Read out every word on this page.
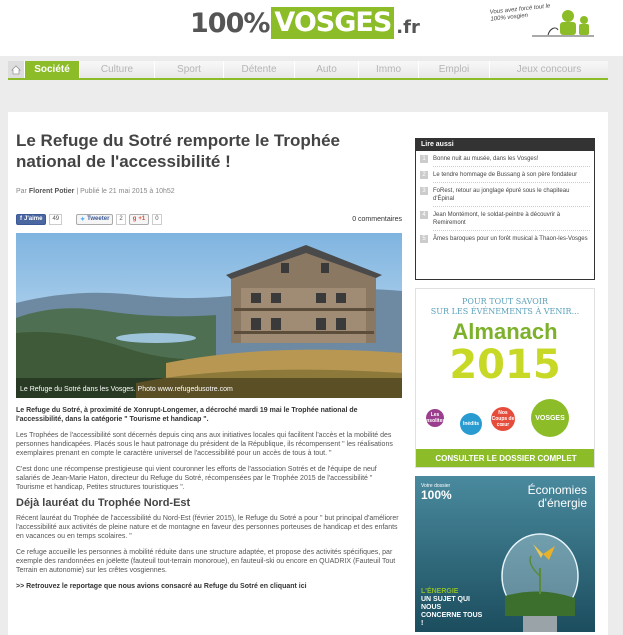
100% VOSGES .fr
Vous avez forcé tout le 100% vosgien
Société	Culture	Sport	Détente	Auto	Immo	Emploi	Jeux concours
Le Refuge du Sotré remporte le Trophée national de l'accessibilité !
Par Florent Potier | Publié le 21 mai 2015 à 10h52
f J'aime	49	✦ Tweeter	2	g +1	0	0 commentaires
Le Refuge du Sotré dans les Vosges. Photo www.refugedusotre.com

Le Refuge du Sotré, à proximité de Xonrupt-Longemer, a décroché mardi 19 mai le Trophée national de l'accessibilité, dans la catégorie " Tourisme et handicap ".

Les Trophées de l'accessibilité sont décernés depuis cinq ans aux initiatives locales qui facilitent l'accès et la mobilité des personnes handicapées. Placés sous le haut patronage du président de la République, ils récompensent " les réalisations exemplaires prenant en compte le caractère universel de l'accessibilité pour un accès de tous à tout. "

C'est donc une récompense prestigieuse qui vient couronner les efforts de l'association Sotrés et de l'équipe de neuf salariés de Jean-Marie Haton, directeur du Refuge du Sotré, récompensées par le Trophée 2015 de l'accessibilité " Tourisme et handicap, Petites structures touristiques ".

Déjà lauréat du Trophée Nord-Est

Récent lauréat du Trophée de l'accessibilité du Nord-Est (février 2015), le Refuge du Sotré a pour " but principal d'améliorer l'accessibilité aux activités de pleine nature et de montagne en faveur des personnes porteuses de handicap et des enfants en vacances ou en temps scolaires. "

Ce refuge accueille les personnes à mobilité réduite dans une structure adaptée, et propose des activités spécifiques, par exemple des randonnées en joëlette (fauteuil tout-terrain monoroue), en fauteuil-ski ou encore en QUADRIX (Fauteuil Tout Terrain en autonomie) sur les crêtes vosgiennes.

>> Retrouvez le reportage que nous avions consacré au Refuge du Sotré en cliquant ici

Lire aussi
1	Bonne nuit au musée, dans les Vosges!
2	Le tendre hommage de Bussang à son père fondateur
3	FoRest, retour au jonglage épuré sous le chapiteau d'Épinal
4	Jean Montémont, le soldat-peintre à découvrir à Remiremont
5	Âmes baroques pour un forêt musical à Thaon-les-Vosges
POUR TOUT SAVOIR
SUR LES ÉVÉNEMENTS À VENIR...
Almanach
2015
Les insolites	Inédits
Nos Coups de cœur
VOSGES
CONSULTER LE DOSSIER COMPLET
Votre dossier
100%	Économies
d'énergie
L'ÉNERGIE
UN SUJET QUI NOUS CONCERNE TOUS !
